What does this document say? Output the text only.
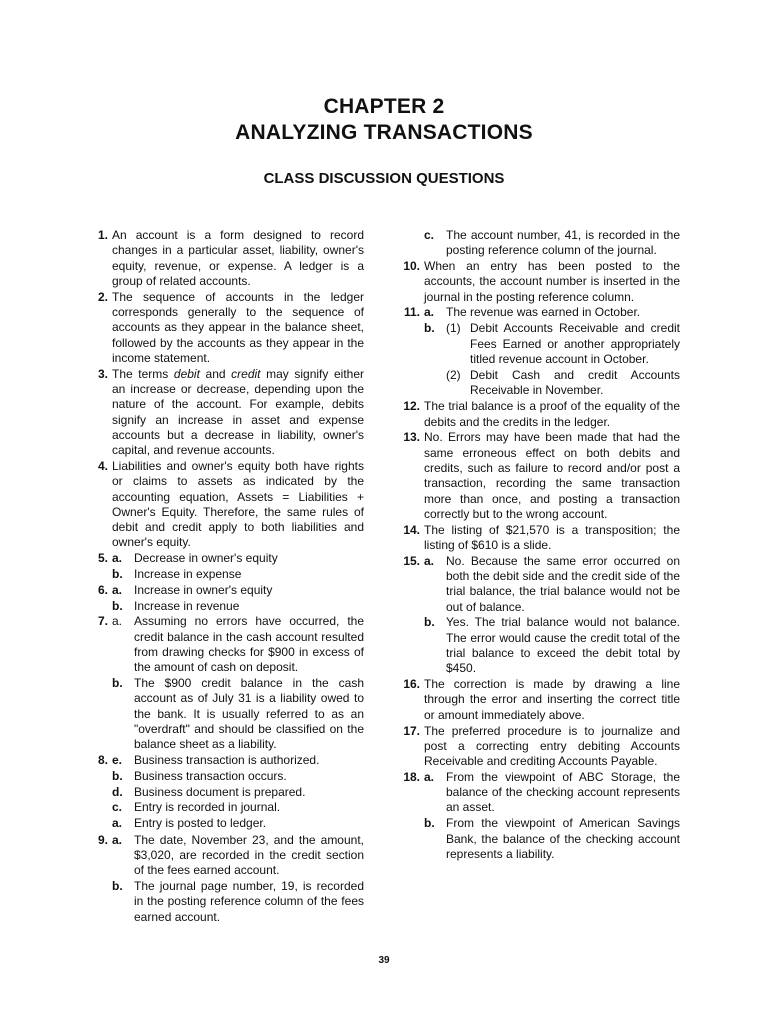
CHAPTER 2
ANALYZING TRANSACTIONS
CLASS DISCUSSION QUESTIONS
1. An account is a form designed to record changes in a particular asset, liability, owner's equity, revenue, or expense. A ledger is a group of related accounts.
2. The sequence of accounts in the ledger corresponds generally to the sequence of accounts as they appear in the balance sheet, followed by the accounts as they appear in the income statement.
3. The terms debit and credit may signify either an increase or decrease, depending upon the nature of the account. For example, debits signify an increase in asset and expense accounts but a decrease in liability, owner's capital, and revenue accounts.
4. Liabilities and owner's equity both have rights or claims to assets as indicated by the accounting equation, Assets = Liabilities + Owner's Equity. Therefore, the same rules of debit and credit apply to both liabilities and owner's equity.
5. a. Decrease in owner's equity
b. Increase in expense
6. a. Increase in owner's equity
b. Increase in revenue
7. a. Assuming no errors have occurred, the credit balance in the cash account resulted from drawing checks for $900 in excess of the amount of cash on deposit.
b. The $900 credit balance in the cash account as of July 31 is a liability owed to the bank. It is usually referred to as an "overdraft" and should be classified on the balance sheet as a liability.
8. e. Business transaction is authorized.
b. Business transaction occurs.
d. Business document is prepared.
c. Entry is recorded in journal.
a. Entry is posted to ledger.
9. a. The date, November 23, and the amount, $3,020, are recorded in the credit section of the fees earned account.
b. The journal page number, 19, is recorded in the posting reference column of the fees earned account.
c. The account number, 41, is recorded in the posting reference column of the journal.
10. When an entry has been posted to the accounts, the account number is inserted in the journal in the posting reference column.
11. a. The revenue was earned in October.
b. (1) Debit Accounts Receivable and credit Fees Earned or another appropriately titled revenue account in October.
(2) Debit Cash and credit Accounts Receivable in November.
12. The trial balance is a proof of the equality of the debits and the credits in the ledger.
13. No. Errors may have been made that had the same erroneous effect on both debits and credits, such as failure to record and/or post a transaction, recording the same transaction more than once, and posting a transaction correctly but to the wrong account.
14. The listing of $21,570 is a transposition; the listing of $610 is a slide.
15. a. No. Because the same error occurred on both the debit side and the credit side of the trial balance, the trial balance would not be out of balance.
b. Yes. The trial balance would not balance. The error would cause the credit total of the trial balance to exceed the debit total by $450.
16. The correction is made by drawing a line through the error and inserting the correct title or amount immediately above.
17. The preferred procedure is to journalize and post a correcting entry debiting Accounts Receivable and crediting Accounts Payable.
18. a. From the viewpoint of ABC Storage, the balance of the checking account represents an asset.
b. From the viewpoint of American Savings Bank, the balance of the checking account represents a liability.
39
